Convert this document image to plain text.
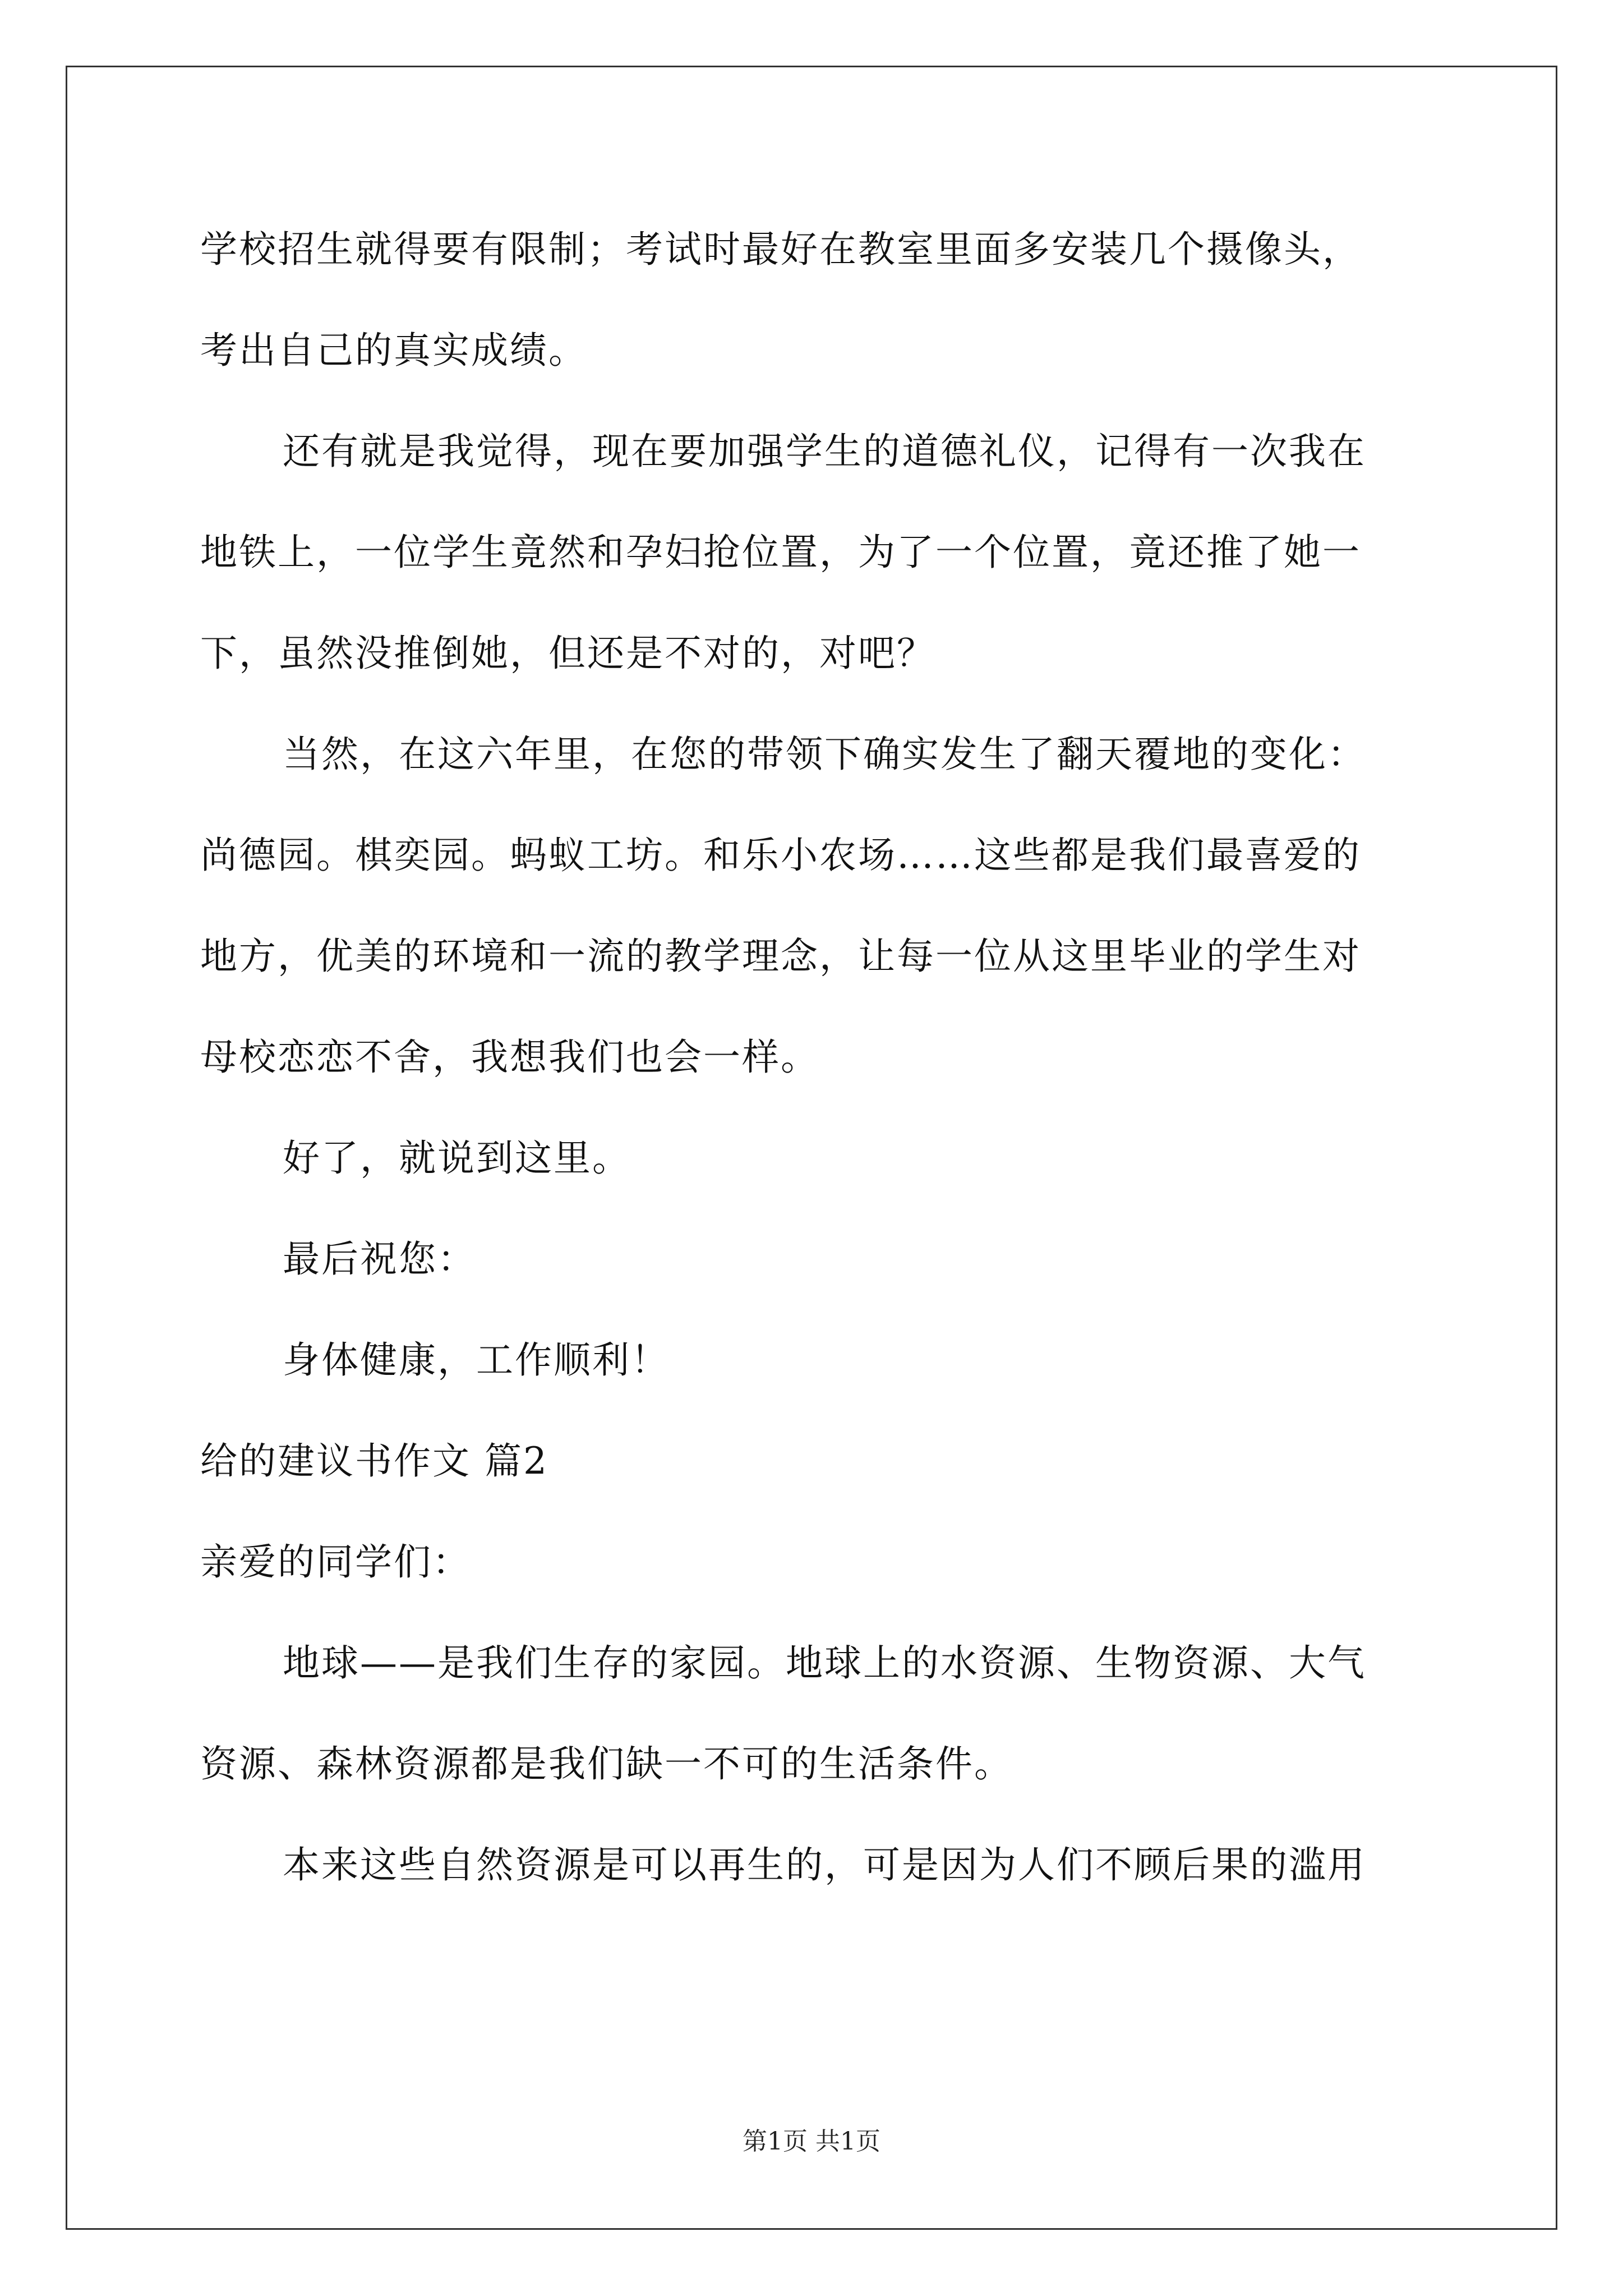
学校招生就得要有限制；考试时最好在教室里面多安装几个摄像头，
考出自己的真实成绩。
还有就是我觉得，现在要加强学生的道德礼仪，记得有一次我在
地铁上，一位学生竟然和孕妇抢位置，为了一个位置，竟还推了她一
下，虽然没推倒她，但还是不对的，对吧？
当然，在这六年里，在您的带领下确实发生了翻天覆地的变化：
尚德园。棋奕园。蚂蚁工坊。和乐小农场……这些都是我们最喜爱的
地方，优美的环境和一流的教学理念，让每一位从这里毕业的学生对
母校恋恋不舍，我想我们也会一样。
好了，就说到这里。
最后祝您：
身体健康，工作顺利！
给的建议书作文 篇2
亲爱的同学们：
地球——是我们生存的家园。地球上的水资源、生物资源、大气
资源、森林资源都是我们缺一不可的生活条件。
本来这些自然资源是可以再生的，可是因为人们不顾后果的滥用
第1页 共1页
